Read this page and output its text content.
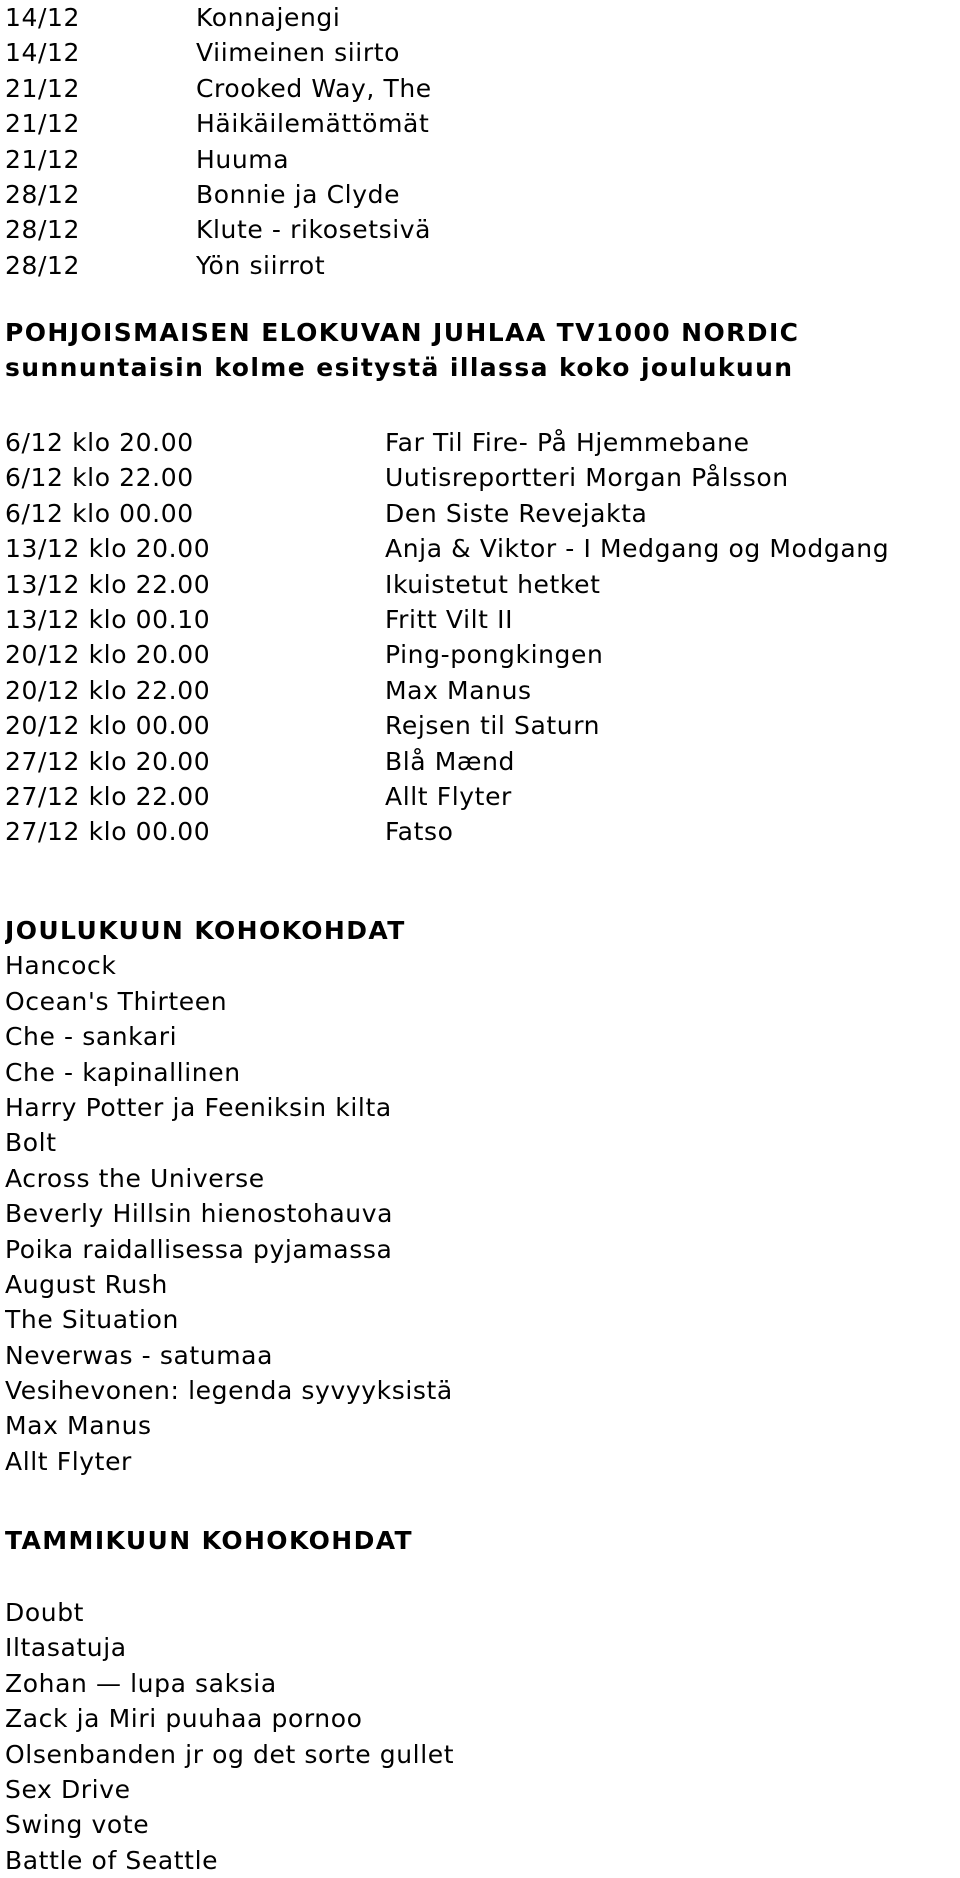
14/12	Konnajengi
14/12	Viimeinen siirto
21/12	Crooked Way, The
21/12	Häikäilemättömät
21/12	Huuma
28/12	Bonnie ja Clyde
28/12	Klute - rikosetsivä
28/12	Yön siirrot
POHJOISMAISEN ELOKUVAN JUHLAA TV1000 NORDIC
sunnuntaisin kolme esitystä illassa koko joulukuun
6/12 klo 20.00	Far Til Fire- På Hjemmebane
6/12 klo 22.00	Uutisreportteri Morgan Pålsson
6/12 klo 00.00	Den Siste Revejakta
13/12 klo 20.00	Anja & Viktor - I Medgang og Modgang
13/12 klo 22.00	Ikuistetut hetket
13/12 klo 00.10	Fritt Vilt II
20/12 klo 20.00	Ping-pongkingen
20/12 klo 22.00	Max Manus
20/12 klo 00.00	Rejsen til Saturn
27/12 klo 20.00	Blå Mænd
27/12 klo 22.00	Allt Flyter
27/12 klo 00.00	Fatso
JOULUKUUN KOHOKOHDAT
Hancock
Ocean's Thirteen
Che - sankari
Che - kapinallinen
Harry Potter ja Feeniksin kilta
Bolt
Across the Universe
Beverly Hillsin hienostohauva
Poika raidallisessa pyjamassa
August Rush
The Situation
Neverwas - satumaa
Vesihevonen: legenda syvyyksistä
Max Manus
Allt Flyter
TAMMIKUUN KOHOKOHDAT
Doubt
Iltasatuja
Zohan — lupa saksia
Zack ja Miri puuhaa pornoo
Olsenbanden jr og det sorte gullet
Sex Drive
Swing vote
Battle of Seattle
